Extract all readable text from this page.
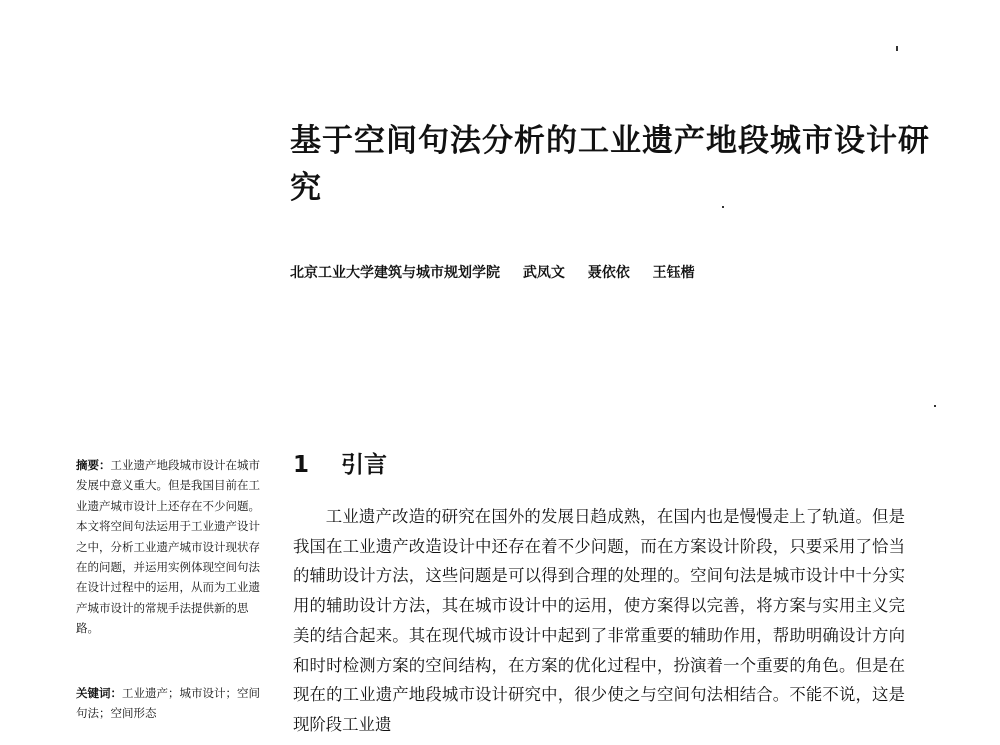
基于空间句法分析的工业遗产地段城市设计研究
北京工业大学建筑与城市规划学院 武凤文 聂依依 王钰楷
摘要：工业遗产地段城市设计在城市发展中意义重大。但是我国目前在工业遗产城市设计上还存在不少问题。本文将空间句法运用于工业遗产设计之中，分析工业遗产城市设计现状存在的问题，并运用实例体现空间句法在设计过程中的运用，从而为工业遗产城市设计的常规手法提供新的思路。
关键词：工业遗产；城市设计；空间句法；空间形态
1 引言
工业遗产改造的研究在国外的发展日趋成熟，在国内也是慢慢走上了轨道。但是我国在工业遗产改造设计中还存在着不少问题，而在方案设计阶段，只要采用了恰当的辅助设计方法，这些问题是可以得到合理的处理的。空间句法是城市设计中十分实用的辅助设计方法，其在城市设计中的运用，使方案得以完善，将方案与实用主义完美的结合起来。其在现代城市设计中起到了非常重要的辅助作用，帮助明确设计方向和时时检测方案的空间结构，在方案的优化过程中，扮演着一个重要的角色。但是在现在的工业遗产地段城市设计研究中，很少使之与空间句法相结合。不能不说，这是现阶段工业遗
